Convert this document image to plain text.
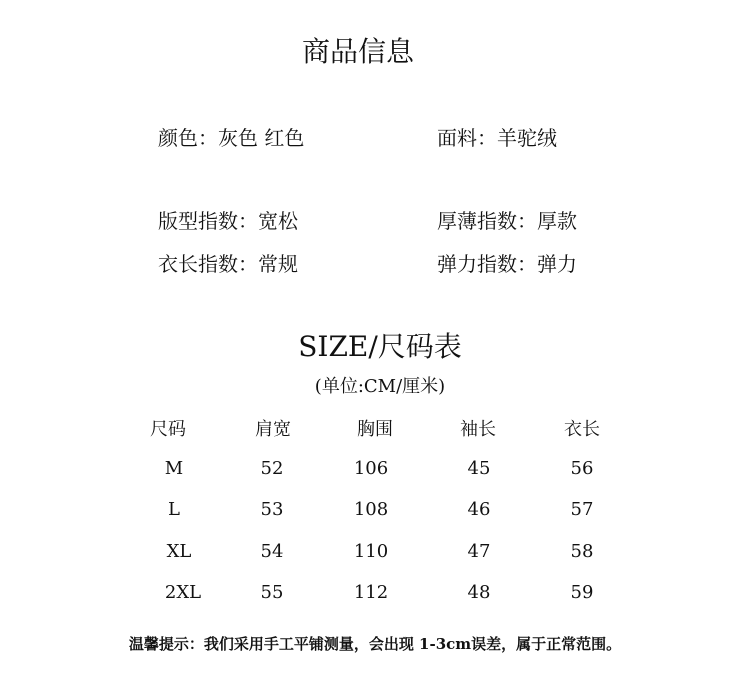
商品信息
颜色：灰色 红色	面料：羊驼绒
版型指数：宽松	厚薄指数：厚款
衣长指数：常规	弹力指数：弹力
SIZE/尺码表
(单位:CM/厘米)
尺码	肩宽	胸围	袖长	衣长
M	52	106	45	56
L	53	108	46	57
XL	54	110	47	58
2XL	55	112	48	59
温馨提示：我们采用手工平铺测量，会出现 1-3cm误差，属于正常范围。
